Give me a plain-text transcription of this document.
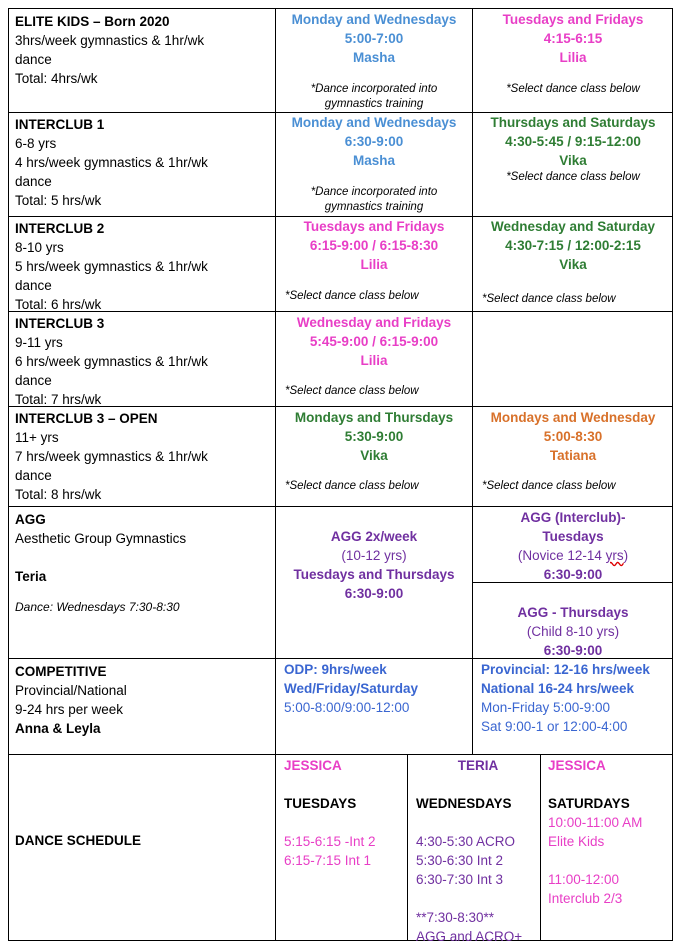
ELITE KIDS – Born 2020
3hrs/week gymnastics & 1hr/wk
dance
Total: 4hrs/wk
Monday and Wednesdays
5:00-7:00
Masha
*Dance incorporated into
gymnastics training
Tuesdays and Fridays
4:15-6:15
Lilia
*Select dance class below
INTERCLUB 1
6-8 yrs
4 hrs/week gymnastics & 1hr/wk
dance
Total: 5 hrs/wk
Monday and Wednesdays
6:30-9:00
Masha
*Dance incorporated into
gymnastics training
Thursdays and Saturdays
4:30-5:45 / 9:15-12:00
Vika
*Select dance class below
INTERCLUB 2
8-10 yrs
5 hrs/week gymnastics & 1hr/wk
dance
Total: 6 hrs/wk
Tuesdays and Fridays
6:15-9:00 / 6:15-8:30
Lilia
*Select dance class below
Wednesday and Saturday
4:30-7:15 / 12:00-2:15
Vika
*Select dance class below
INTERCLUB 3
9-11 yrs
6 hrs/week gymnastics & 1hr/wk
dance
Total: 7 hrs/wk
Wednesday and Fridays
5:45-9:00 / 6:15-9:00
Lilia
*Select dance class below
INTERCLUB 3 – OPEN
11+ yrs
7 hrs/week gymnastics & 1hr/wk
dance
Total: 8 hrs/wk
Mondays and Thursdays
5:30-9:00
Vika
*Select dance class below
Mondays and Wednesday
5:00-8:30
Tatiana
*Select dance class below
AGG
Aesthetic Group Gymnastics
Teria
Dance: Wednesdays 7:30-8:30
AGG 2x/week
(10-12 yrs)
Tuesdays and Thursdays
6:30-9:00
AGG (Interclub)-
Tuesdays
(Novice 12-14 yrs)
6:30-9:00
AGG - Thursdays
(Child 8-10 yrs)
6:30-9:00
COMPETITIVE
Provincial/National
9-24 hrs per week
Anna & Leyla
ODP: 9hrs/week
Wed/Friday/Saturday
5:00-8:00/9:00-12:00
Provincial: 12-16 hrs/week
National 16-24 hrs/week
Mon-Friday 5:00-9:00
Sat 9:00-1 or 12:00-4:00
DANCE SCHEDULE
JESSICA
TUESDAYS
5:15-6:15 -Int 2
6:15-7:15 Int 1
TERIA
WEDNESDAYS
4:30-5:30 ACRO
5:30-6:30 Int 2
6:30-7:30 Int 3
**7:30-8:30**
AGG and ACRO+
JESSICA
SATURDAYS
10:00-11:00 AM
Elite Kids
11:00-12:00
Interclub 2/3
